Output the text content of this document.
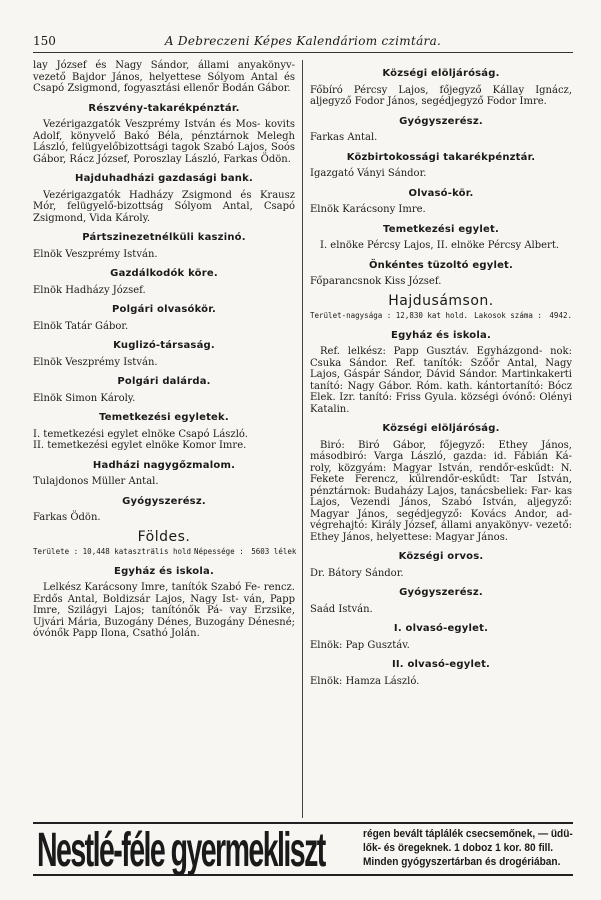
150	A Debreczeni Képes Kalendáriom czimtára.

lay József és Nagy Sándor, állami anyakönyv- vezető Bajdor János, helyettese Sólyom Antal és Csapó Zsigmond, fogyasztási ellenőr Bodán Gábor.

Részvény-takarékpénztár.

Vezérigazgatók Veszprémy István és Mos- kovits Adolf, könyvelő Bakó Béla, pénztárnok Melegh László, felügyelőbizottsági tagok Szabó Lajos, Soós Gábor, Rácz József, Poroszlay László, Farkas Ödön.

Hajduhadházi gazdasági bank.

Vezérigazgatók Hadházy Zsigmond és Krausz Mór, felügyelő-bizottság Sólyom Antal, Csapó Zsigmond, Vida Károly.

Pártszinezetnélküli kaszinó.

Elnök Veszprémy István.

Gazdálkodók köre.

Elnök Hadházy József.

Polgári olvasókör.

Elnök Tatár Gábor.

Kuglizó-társaság.

Elnök Veszprémy István.

Polgári dalárda.

Elnök Simon Károly.

Temetkezési egyletek.

I. temetkezési egylet elnöke Csapó László.

II. temetkezési egylet elnöke Komor Imre.

Hadházi nagygőzmalom.

Tulajdonos Müller Antal.

Gyógyszerész.

Farkas Ödön.

Földes.
Területe : 10,448 kataszträlis hold Népessége : 5603 lélek
Egyház és iskola.

Lelkész Karácsony Imre, tanítók Szabó Fe- rencz. Erdős Antal, Boldizsár Lajos, Nagy Ist- ván, Papp Imre, Szilágyi Lajos; tanítónők Pá- vay Erzsike, Ujvári Mária, Buzogány Dénes, Buzogány Dénesné; óvónők Papp Ilona, Csathó Jolán.

Községi elöljáróság.

Főbíró Pércsy Lajos, főjegyző Kállay Ignácz, aljegyző Fodor János, segédjegyző Fodor Imre.

Gyógyszerész.

Farkas Antal.

Közbirtokossági takarékpénztár.

Igazgató Ványi Sándor.

Olvasó-kör.

Elnök Karácsony Imre.

Temetkezési egylet.

I. elnöke Pércsy Lajos, II. elnöke Pércsy Albert.

Önkéntes tüzoltó egylet.

Főparancsnok Kiss József.

Hajdusámson.
Terület-nagysága : 12,830 kat hold. Lakosok száma : 4942.
Egyház és iskola.

Ref. lelkész: Papp Gusztáv. Egyházgond- nok: Csuka Sándor. Ref. tanítók: Szőőr Antal, Nagy Lajos, Gáspár Sándor, Dávid Sándor. Martinkakerti tanító: Nagy Gábor. Róm. kath. kántortanító: Bócz Elek. Izr. tanító: Friss Gyula. községi óvónő: Olényi Katalin.

Községi elöljáróság.

Biró: Biró Gábor, főjegyző: Ethey János, másodbiró: Varga László, gazda: id. Fábián Ká- roly, közgyám: Magyar István, rendőr-eskűdt: N. Fekete Ferencz, kűlrendőr-eskűdt: Tar István, pénztárnok: Budaházy Lajos, tanácsbeliek: Far- kas Lajos, Vezendi János, Szabó István, aljegyző: Magyar János, segédjegyző: Kovács Andor, ad- végrehajtó: Király József, állami anyakönyv- vezető: Ethey János, helyettese: Magyar János.

Községi orvos.

Dr. Bátory Sándor.

Gyógyszerész.

Saád István.

I. olvasó-egylet.

Elnök: Pap Gusztáv.

II. olvasó-egylet.

Elnök: Hamza László.

Nestlé-féle gyermekliszt	régen bevált táplálék csecsemőnek, — üdü-
lők- és öregeknek. 1 doboz 1 kor. 80 fill.
Minden gyógyszertárban és drogériában.
